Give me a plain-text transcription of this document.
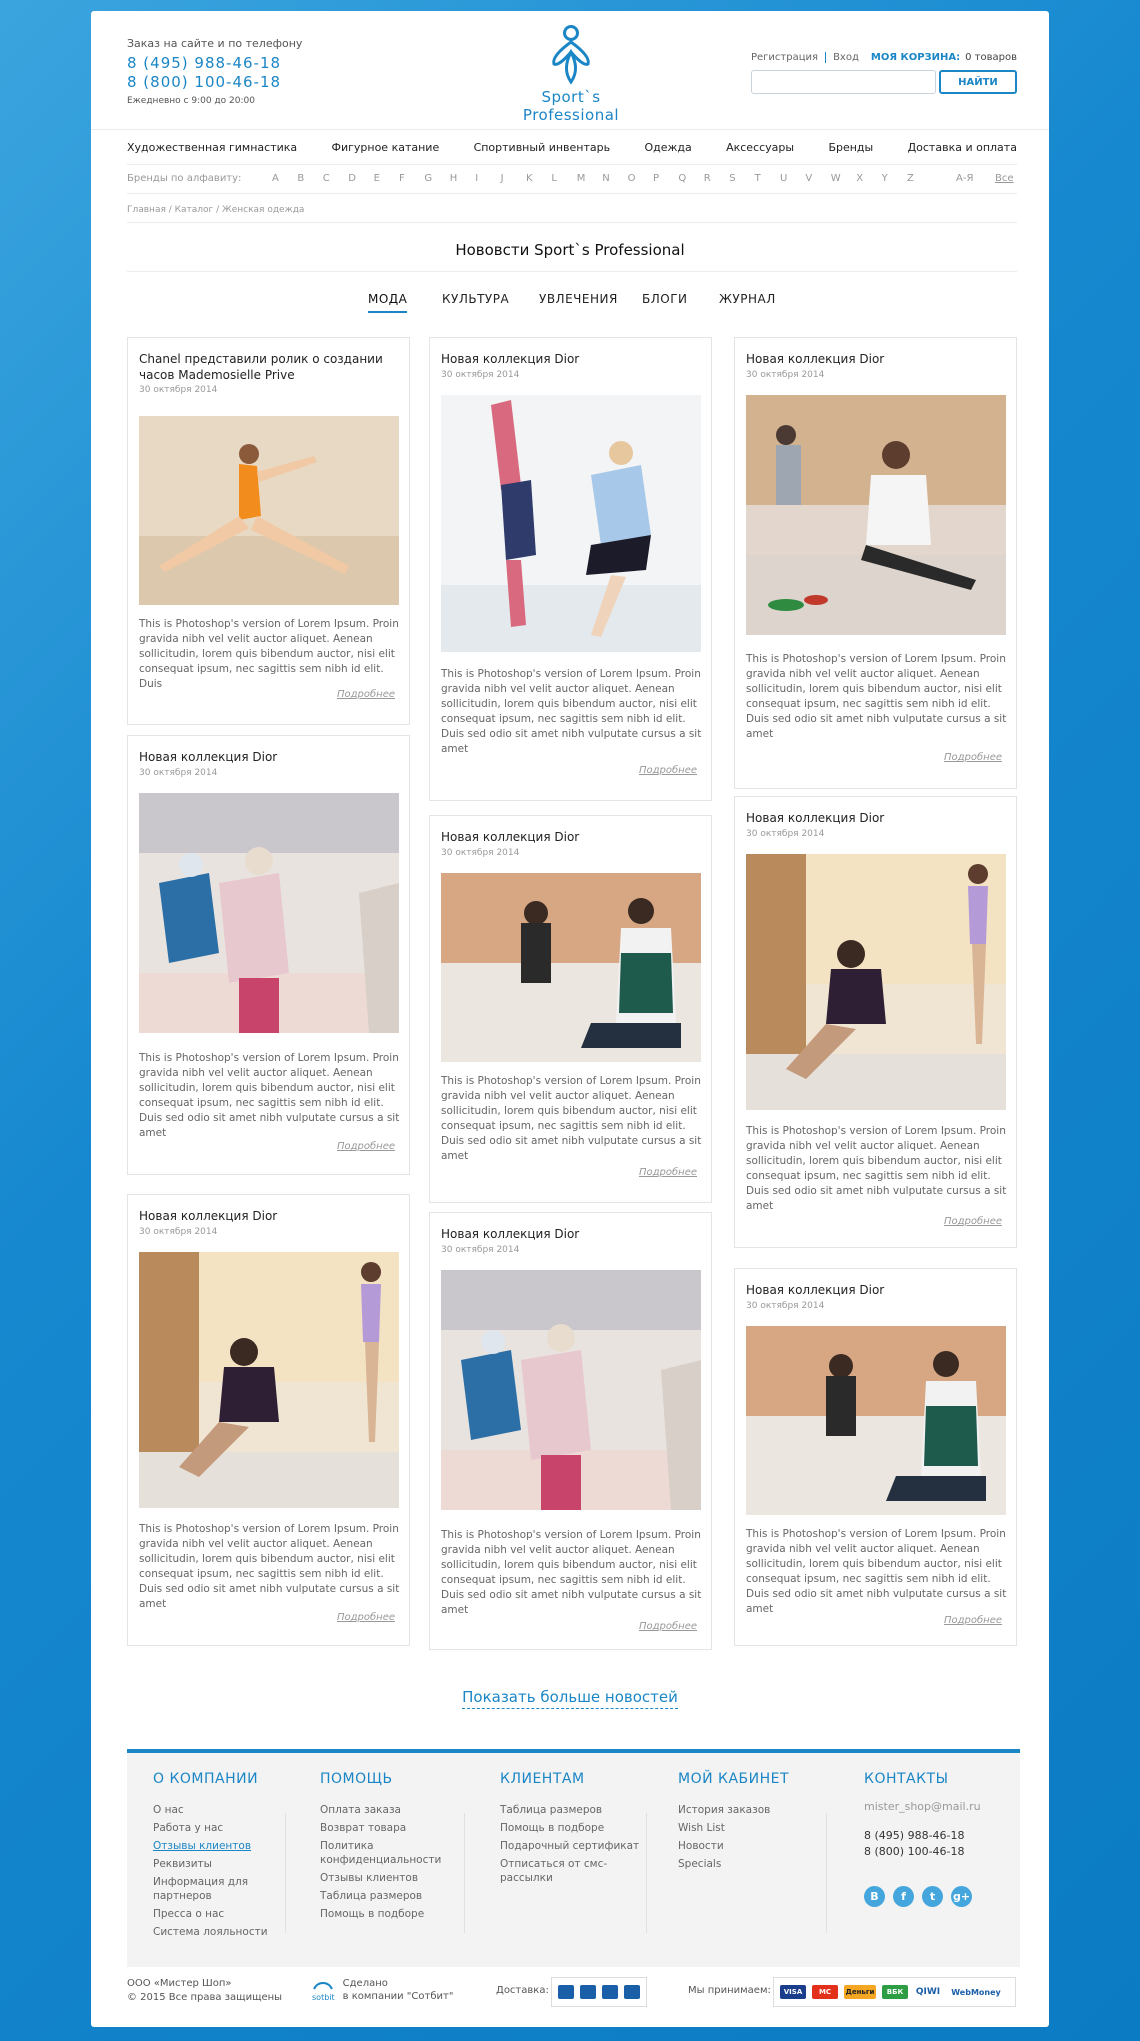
Заказ на сайте и по телефону
8 (495) 988-46-18
8 (800) 100-46-18
Ежедневно с 9:00 до 20:00	Sport`s Professional
Регистрация Вход МОЯ КОРЗИНА: 0 товаров
НАЙТИ
Художественная гимнастика	Фигурное катание	Спортивный инвентарь	Одежда	Аксессуары	Бренды	Доставка и оплата
Бренды по алфавиту:	A B C D E F G H I J K L M N O P Q R S T U V W X Y Z	А-Я Все
Главная / Каталог / Женская одежда
Нововсти Sport`s Professional
МОДА	КУЛЬТУРА УВЛЕЧЕНИЯ БЛОГИ	ЖУРНАЛ
Chanel представили ролик о создании часов Mademosielle Prive
30 октября 2014
This is Photoshop's version of Lorem Ipsum. Proin gravida nibh vel velit auctor aliquet. Aenean sollicitudin, lorem quis bibendum auctor, nisi elit consequat ipsum, nec sagittis sem nibh id elit. Duis
Подробнее
Новая коллекция Dior
30 октября 2014
This is Photoshop's version of Lorem Ipsum. Proin gravida nibh vel velit auctor aliquet. Aenean sollicitudin, lorem quis bibendum auctor, nisi elit consequat ipsum, nec sagittis sem nibh id elit. Duis sed odio sit amet nibh vulputate cursus a sit amet
Подробнее
Новая коллекция Dior
30 октября 2014
This is Photoshop's version of Lorem Ipsum. Proin gravida nibh vel velit auctor aliquet. Aenean sollicitudin, lorem quis bibendum auctor, nisi elit consequat ipsum, nec sagittis sem nibh id elit. Duis sed odio sit amet nibh vulputate cursus a sit amet
Подробнее
Новая коллекция Dior
30 октября 2014
This is Photoshop's version of Lorem Ipsum. Proin gravida nibh vel velit auctor aliquet. Aenean sollicitudin, lorem quis bibendum auctor, nisi elit consequat ipsum, nec sagittis sem nibh id elit. Duis sed odio sit amet nibh vulputate cursus a sit amet
Подробнее
Новая коллекция Dior
30 октября 2014
This is Photoshop's version of Lorem Ipsum. Proin gravida nibh vel velit auctor aliquet. Aenean sollicitudin, lorem quis bibendum auctor, nisi elit consequat ipsum, nec sagittis sem nibh id elit. Duis sed odio sit amet nibh vulputate cursus a sit amet
Подробнее
Новая коллекция Dior
30 октября 2014
This is Photoshop's version of Lorem Ipsum. Proin gravida nibh vel velit auctor aliquet. Aenean sollicitudin, lorem quis bibendum auctor, nisi elit consequat ipsum, nec sagittis sem nibh id elit. Duis sed odio sit amet nibh vulputate cursus a sit amet
Подробнее
Новая коллекция Dior
30 октября 2014
This is Photoshop's version of Lorem Ipsum. Proin gravida nibh vel velit auctor aliquet. Aenean sollicitudin, lorem quis bibendum auctor, nisi elit consequat ipsum, nec sagittis sem nibh id elit. Duis sed odio sit amet nibh vulputate cursus a sit amet
Подробнее
Новая коллекция Dior
30 октября 2014
This is Photoshop's version of Lorem Ipsum. Proin gravida nibh vel velit auctor aliquet. Aenean sollicitudin, lorem quis bibendum auctor, nisi elit consequat ipsum, nec sagittis sem nibh id elit. Duis sed odio sit amet nibh vulputate cursus a sit amet
Подробнее
Новая коллекция Dior
30 октября 2014
This is Photoshop's version of Lorem Ipsum. Proin gravida nibh vel velit auctor aliquet. Aenean sollicitudin, lorem quis bibendum auctor, nisi elit consequat ipsum, nec sagittis sem nibh id elit. Duis sed odio sit amet nibh vulputate cursus a sit amet
Подробнее
Показать больше новостей
О КОМПАНИИ
О нас
Работа у нас
Отзывы клиентов
Реквизиты
Информация для партнеров
Пресса о нас
Система лояльности
ПОМОЩЬ
Оплата заказа
Возврат товара
Политика конфиденциальности
Отзывы клиентов
Таблица размеров
Помощь в подборе
КЛИЕНТАМ
Таблица размеров
Помощь в подборе
Подарочный сертификат
Отписаться от смс-рассылки
МОЙ КАБИНЕТ
История заказов
Wish List
Новости
Specials
КОНТАКТЫ
mister_shop@mail.ru
8 (495) 988-46-18
8 (800) 100-46-18
B	f	t	g+
ООО «Мистер Шоп»
© 2015 Все права защищены	sotbit
Сделано
в компании "Сотбит"
Доставка:	Мы принимаем:	VISA	MC	Деньги	ВБК	QIWI	WebMoney
